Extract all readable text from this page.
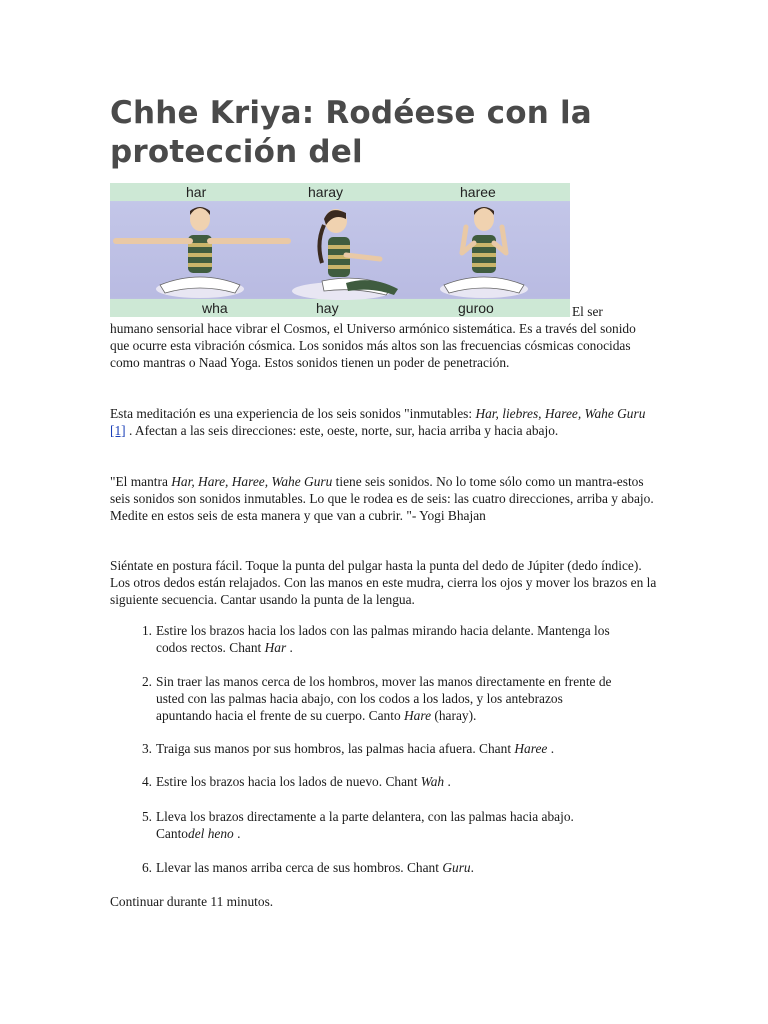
Chhe Kriya: Rodéese con la protección del
har	haray	haree
wha	hay	guroo	El ser

humano sensorial hace vibrar el Cosmos, el Universo armónico sistemática. Es a través del sonido que ocurre esta vibración cósmica. Los sonidos más altos son las frecuencias cósmicas conocidas como mantras o Naad Yoga. Estos sonidos tienen un poder de penetración.

Esta meditación es una experiencia de los seis sonidos "inmutables: Har, liebres, Haree, Wahe Guru [1] . Afectan a las seis direcciones: este, oeste, norte, sur, hacia arriba y hacia abajo.

"El mantra Har, Hare, Haree, Wahe Guru tiene seis sonidos. No lo tome sólo como un mantra-estos seis sonidos son sonidos inmutables. Lo que le rodea es de seis: las cuatro direcciones, arriba y abajo. Medite en estos seis de esta manera y que van a cubrir. "- Yogi Bhajan

Siéntate en postura fácil. Toque la punta del pulgar hasta la punta del dedo de Júpiter (dedo índice). Los otros dedos están relajados. Con las manos en este mudra, cierra los ojos y mover los brazos en la siguiente secuencia. Cantar usando la punta de la lengua.

1. Estire los brazos hacia los lados con las palmas mirando hacia delante. Mantenga los codos rectos. Chant Har .
2. Sin traer las manos cerca de los hombros, mover las manos directamente en frente de usted con las palmas hacia abajo, con los codos a los lados, y los antebrazos apuntando hacia el frente de su cuerpo. Canto Hare (haray).
3. Traiga sus manos por sus hombros, las palmas hacia afuera. Chant Haree .
4. Estire los brazos hacia los lados de nuevo. Chant Wah .
5. Lleva los brazos directamente a la parte delantera, con las palmas hacia abajo. Cantodel heno .
6. Llevar las manos arriba cerca de sus hombros. Chant Guru.

Continuar durante 11 minutos.
